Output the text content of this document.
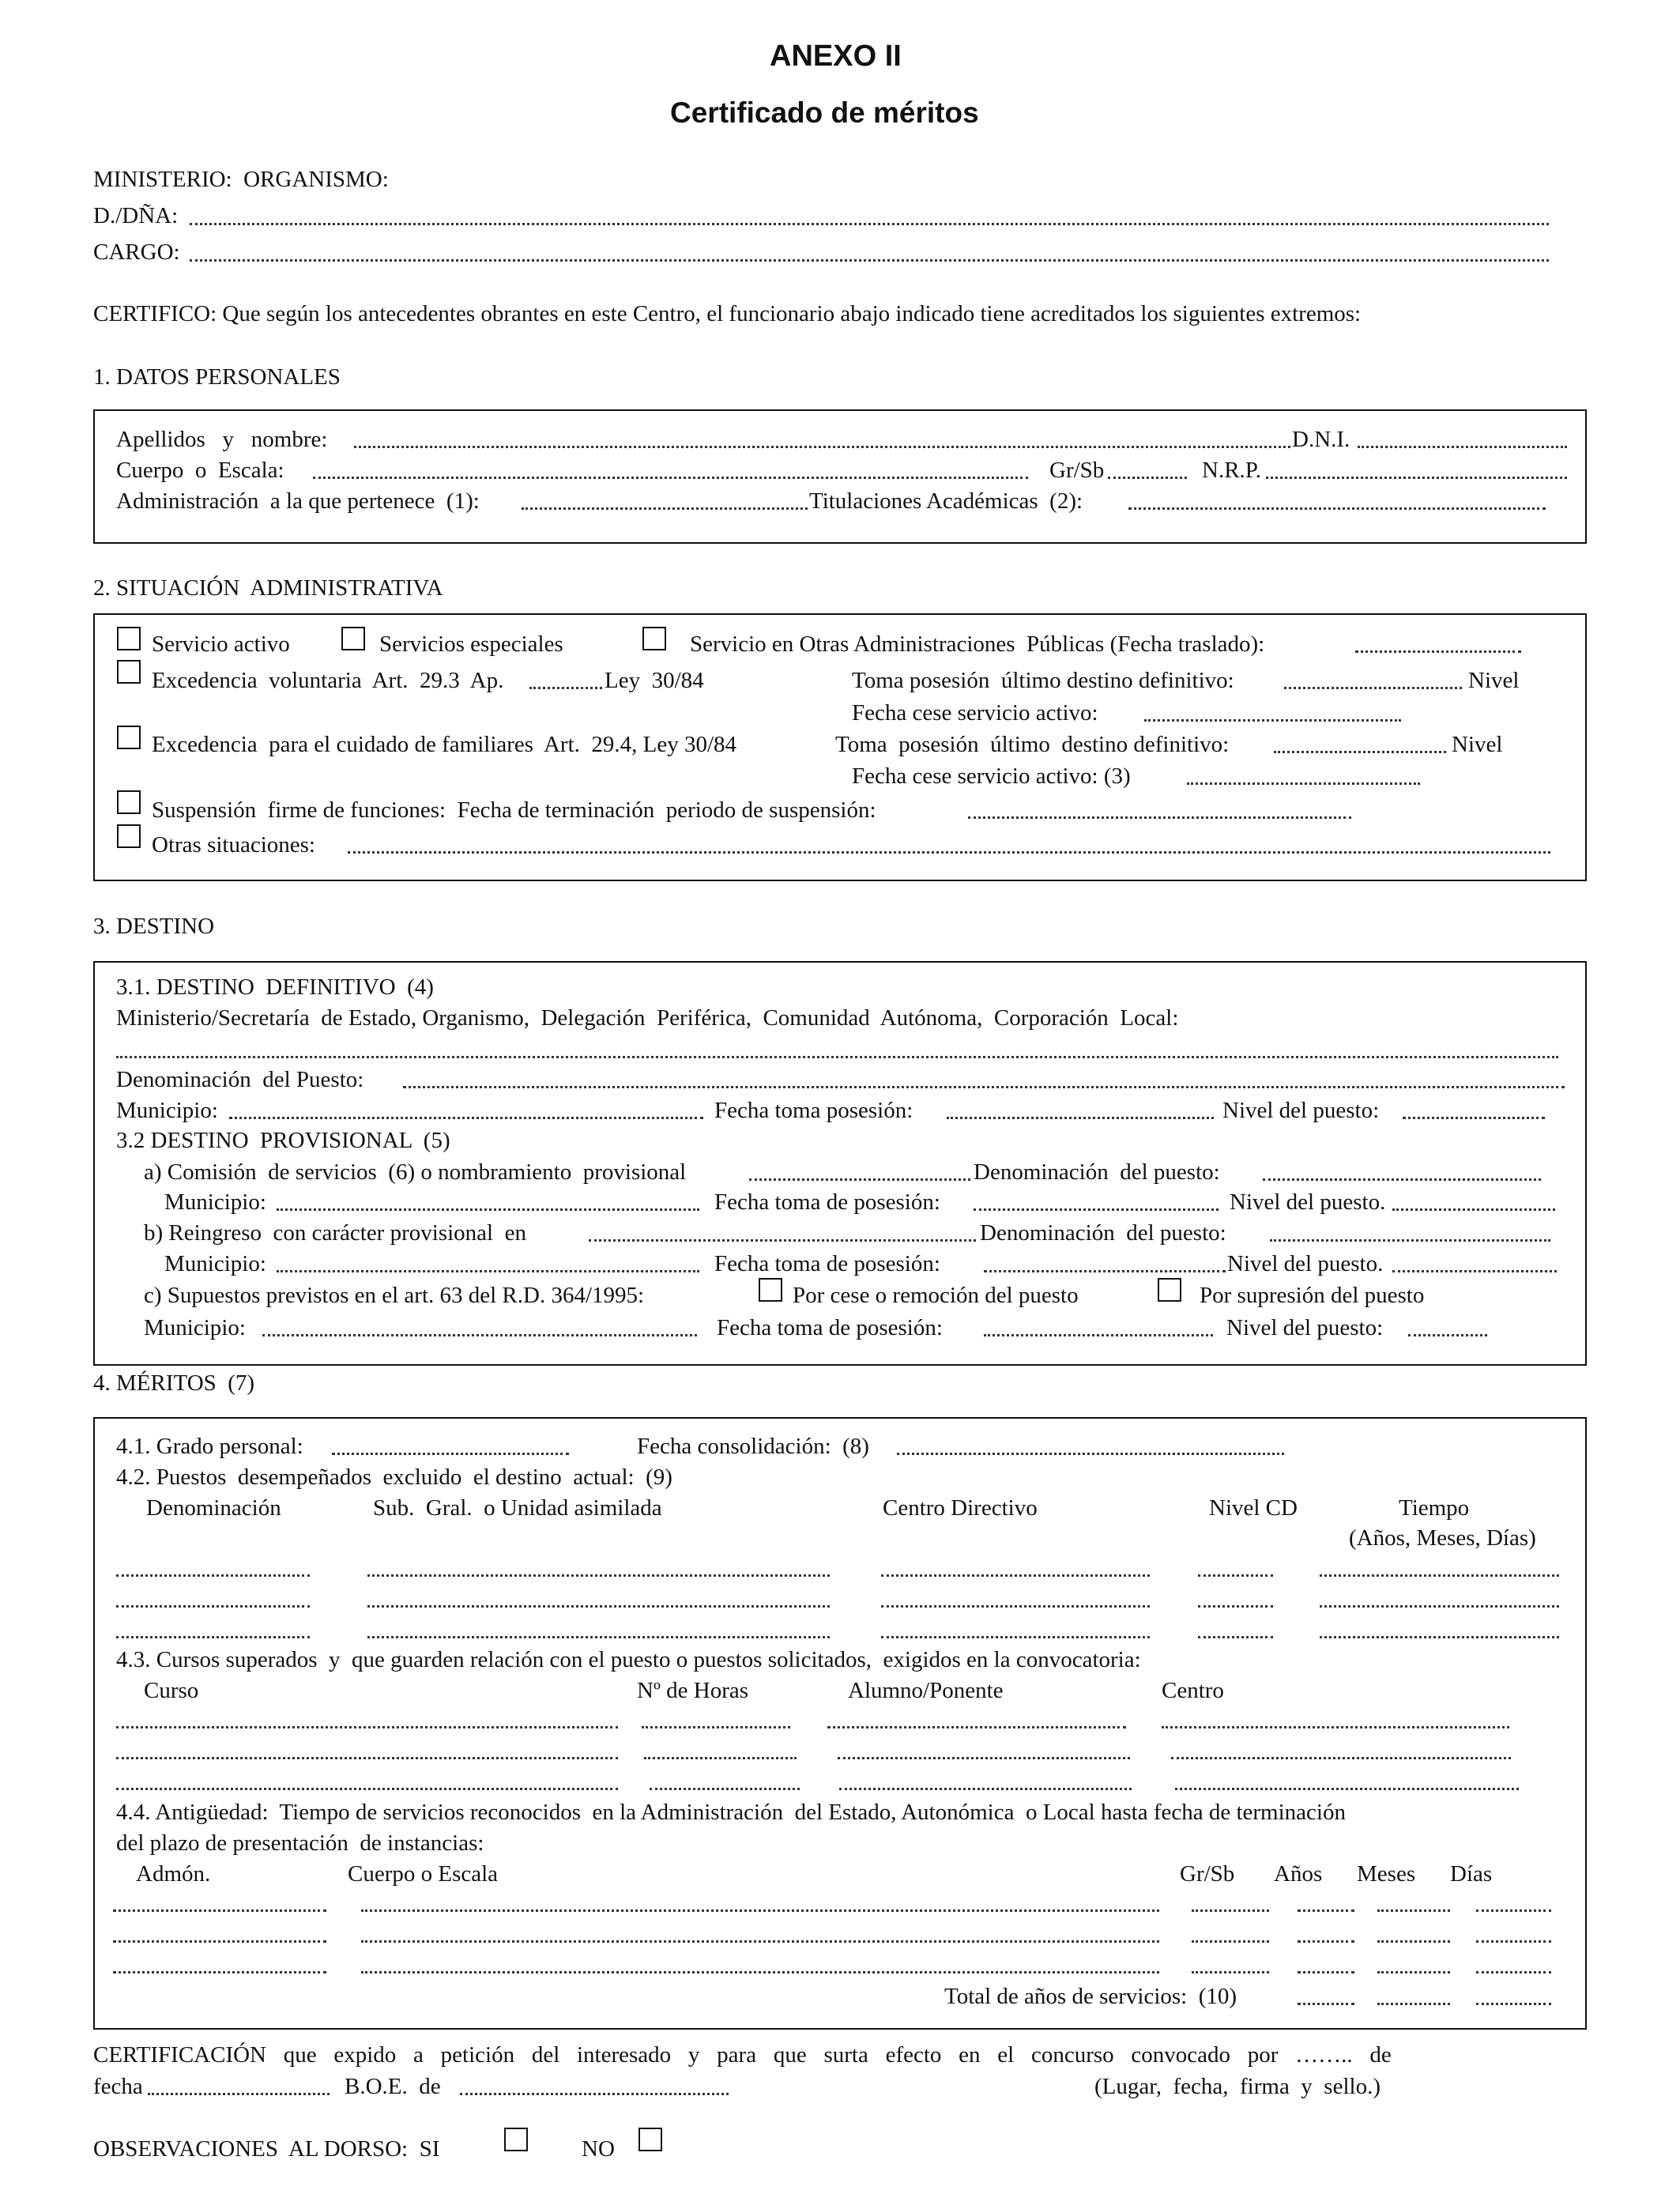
ANEXO II
Certificado de méritos
MINISTERIO:  ORGANISMO:
D./DÑA:
CARGO:
CERTIFICO: Que según los antecedentes obrantes en este Centro, el funcionario abajo indicado tiene acreditados los siguientes extremos:
1. DATOS PERSONALES
Apellidos   y   nombre:	D.N.I.
Cuerpo  o  Escala:	Gr/Sb	N.R.P.
Administración  a la que pertenece  (1):	Titulaciones Académicas  (2):
2. SITUACIÓN  ADMINISTRATIVA
Servicio activo	Servicios especiales	Servicio en Otras Administraciones  Públicas (Fecha traslado):
Excedencia  voluntaria  Art.  29.3  Ap.	Ley  30/84	Toma posesión  último destino definitivo:	Nivel
Fecha cese servicio activo:
Excedencia  para el cuidado de familiares  Art.  29.4, Ley 30/84	Toma  posesión  último  destino definitivo:	Nivel
Fecha cese servicio activo: (3)
Suspensión  firme de funciones:  Fecha de terminación  periodo de suspensión:
Otras situaciones:
3. DESTINO
3.1. DESTINO  DEFINITIVO  (4)
Ministerio/Secretaría  de Estado, Organismo,  Delegación  Periférica,  Comunidad  Autónoma,  Corporación  Local:
Denominación  del Puesto:
Municipio:	Fecha toma posesión:	Nivel del puesto:
3.2 DESTINO  PROVISIONAL  (5)
a) Comisión  de servicios  (6) o nombramiento  provisional	Denominación  del puesto:
Municipio:	Fecha toma de posesión:	Nivel del puesto.
b) Reingreso  con carácter provisional  en	Denominación  del puesto:
Municipio:	Fecha toma de posesión:	Nivel del puesto.
c) Supuestos previstos en el art. 63 del R.D. 364/1995:	Por cese o remoción del puesto	Por supresión del puesto
Municipio:	Fecha toma de posesión:	Nivel del puesto:
4. MÉRITOS  (7)
4.1. Grado personal:	Fecha consolidación:  (8)
4.2. Puestos  desempeñados  excluido  el destino  actual:  (9)
Denominación	Sub.  Gral.  o Unidad asimilada	Centro Directivo	Nivel CD	Tiempo
(Años, Meses, Días)
4.3. Cursos superados  y  que guarden relación con el puesto o puestos solicitados,  exigidos en la convocatoria:
Curso	Nº de Horas	Alumno/Ponente	Centro
4.4. Antigüedad:  Tiempo de servicios reconocidos  en la Administración  del Estado, Autonómica  o Local hasta fecha de terminación
del plazo de presentación  de instancias:
Admón.	Cuerpo o Escala	Gr/Sb Años Meses Días
Total de años de servicios:  (10)
CERTIFICACIÓN   que   expido   a   petición   del   interesado   y   para   que   surta   efecto   en   el   concurso   convocado   por   ……..   de
fecha	B.O.E.  de	(Lugar,  fecha,  firma  y  sello.)
OBSERVACIONES  AL DORSO:  SI	NO
